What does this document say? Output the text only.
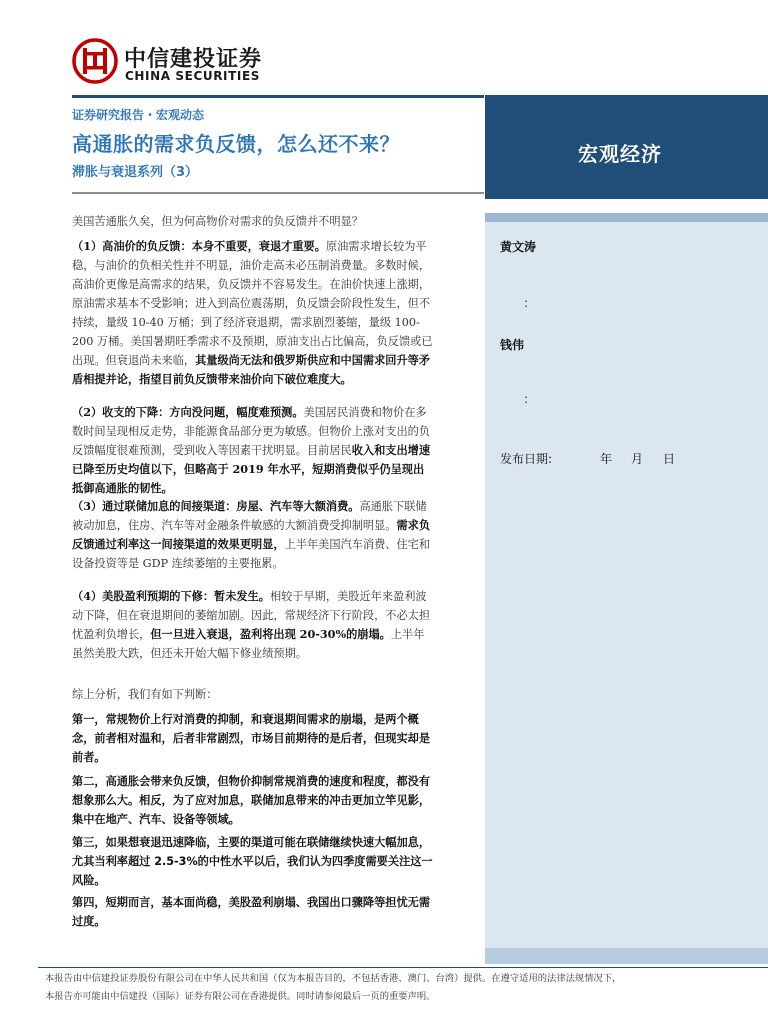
中信建投证券
CHINA SECURITIES
证券研究报告・宏观动态
高通胀的需求负反馈，怎么还不来？
滞胀与衰退系列（3）
宏观经济
黄文涛
:
钱伟
:

发布日期:

	年

月

日

美国苦通胀久矣，但为何高物价对需求的负反馈并不明显？
（1）高油价的负反馈：本身不重要，衰退才重要。原油需求增长较为平稳，与油价的负相关性并不明显，油价走高未必压制消费量。多数时候，高油价更像是高需求的结果，负反馈并不容易发生。在油价快速上涨期，原油需求基本不受影响；进入到高位震荡期，负反馈会阶段性发生，但不持续，量级 10-40 万桶；到了经济衰退期，需求剧烈萎缩，量级 100-200 万桶。美国暑期旺季需求不及预期，原油支出占比偏高，负反馈或已出现。但衰退尚未来临，其量级尚无法和俄罗斯供应和中国需求回升等矛盾相提并论，指望目前负反馈带来油价向下破位难度大。
（2）收支的下降：方向没问题，幅度难预测。美国居民消费和物价在多数时间呈现相反走势，非能源食品部分更为敏感。但物价上涨对支出的负反馈幅度很难预测，受到收入等因素干扰明显。目前居民收入和支出增速已降至历史均值以下，但略高于 2019 年水平，短期消费似乎仍呈现出抵御高通胀的韧性。
（3）通过联储加息的间接渠道：房屋、汽车等大额消费。高通胀下联储被动加息，住房、汽车等对金融条件敏感的大额消费受抑制明显。需求负反馈通过利率这一间接渠道的效果更明显，上半年美国汽车消费、住宅和设备投资等是 GDP 连续萎缩的主要拖累。
（4）美股盈利预期的下修：暂未发生。相较于早期，美股近年来盈利波动下降，但在衰退期间的萎缩加剧。因此，常规经济下行阶段，不必太担忧盈利负增长，但一旦进入衰退，盈利将出现 20-30%的崩塌。上半年虽然美股大跌，但还未开始大幅下修业绩预期。
综上分析，我们有如下判断：
第一，常规物价上行对消费的抑制，和衰退期间需求的崩塌，是两个概念，前者相对温和，后者非常剧烈，市场目前期待的是后者，但现实却是前者。
第二，高通胀会带来负反馈，但物价抑制常规消费的速度和程度，都没有想象那么大。相反，为了应对加息，联储加息带来的冲击更加立竿见影，集中在地产、汽车、设备等领域。
第三，如果想衰退迅速降临，主要的渠道可能在联储继续快速大幅加息，尤其当利率超过 2.5-3%的中性水平以后，我们认为四季度需要关注这一风险。
第四，短期而言，基本面尚稳，美股盈利崩塌、我国出口骤降等担忧无需过度。
本报告由中信建投证券股份有限公司在中华人民共和国（仅为本报告目的，不包括香港、澳门、台湾）提供。在遵守适用的法律法规情况下，
本报告亦可能由中信建投（国际）证券有限公司在香港提供。同时请参阅最后一页的重要声明。
